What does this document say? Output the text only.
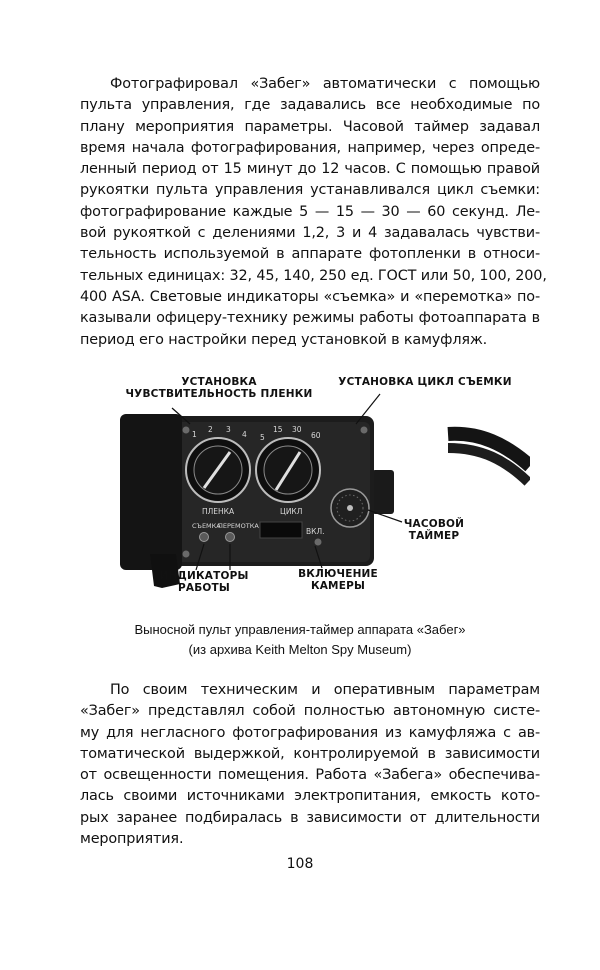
Фотографировал «Забег» автоматически с помощью
пульта управления, где задавались все необходимые по
плану мероприятия параметры. Часовой таймер задавал
время начала фотографирования, например, через опреде-
ленный период от 15 минут до 12 часов. С помощью правой
рукоятки пульта управления устанавливался цикл съемки:
фотографирование каждые 5 — 15 — 30 — 60 секунд. Ле-
вой рукояткой с делениями 1,2, 3 и 4 задавалась чувстви-
тельность используемой в аппарате фотопленки в относи-
тельных единицах: 32, 45, 140, 250 ед. ГОСТ или 50, 100, 200,
400 ASA. Световые индикаторы «съемка» и «перемотка» по-
казывали офицеру-технику режимы работы фотоаппарата в
период его настройки перед установкой в камуфляж.
1
2 3
4 5
15 30
60
ПЛЕНКА	ЦИКЛ
СЪЕМКА
ПЕРЕМОТКА
ВКЛ.
УСТАНОВКА ЧУВСТВИТЕЛЬНОСТЬ ПЛЕНКИ
УСТАНОВКА ЦИКЛ СЪЕМКИ
ЧАСОВОЙ ТАЙМЕР
ИНДИКАТОРЫ РАБОТЫ
ВКЛЮЧЕНИЕ КАМЕРЫ
Выносной пульт управления-таймер аппарата «Забег»
(из архива Keith Melton Spy Museum)
По своим техническим и оперативным параметрам
«Забег» представлял собой полностью автономную систе-
му для негласного фотографирования из камуфляжа с ав-
томатической выдержкой, контролируемой в зависимости
от освещенности помещения. Работа «Забега» обеспечива-
лась своими источниками электропитания, емкость кото-
рых заранее подбиралась в зависимости от длительности
мероприятия.
108
